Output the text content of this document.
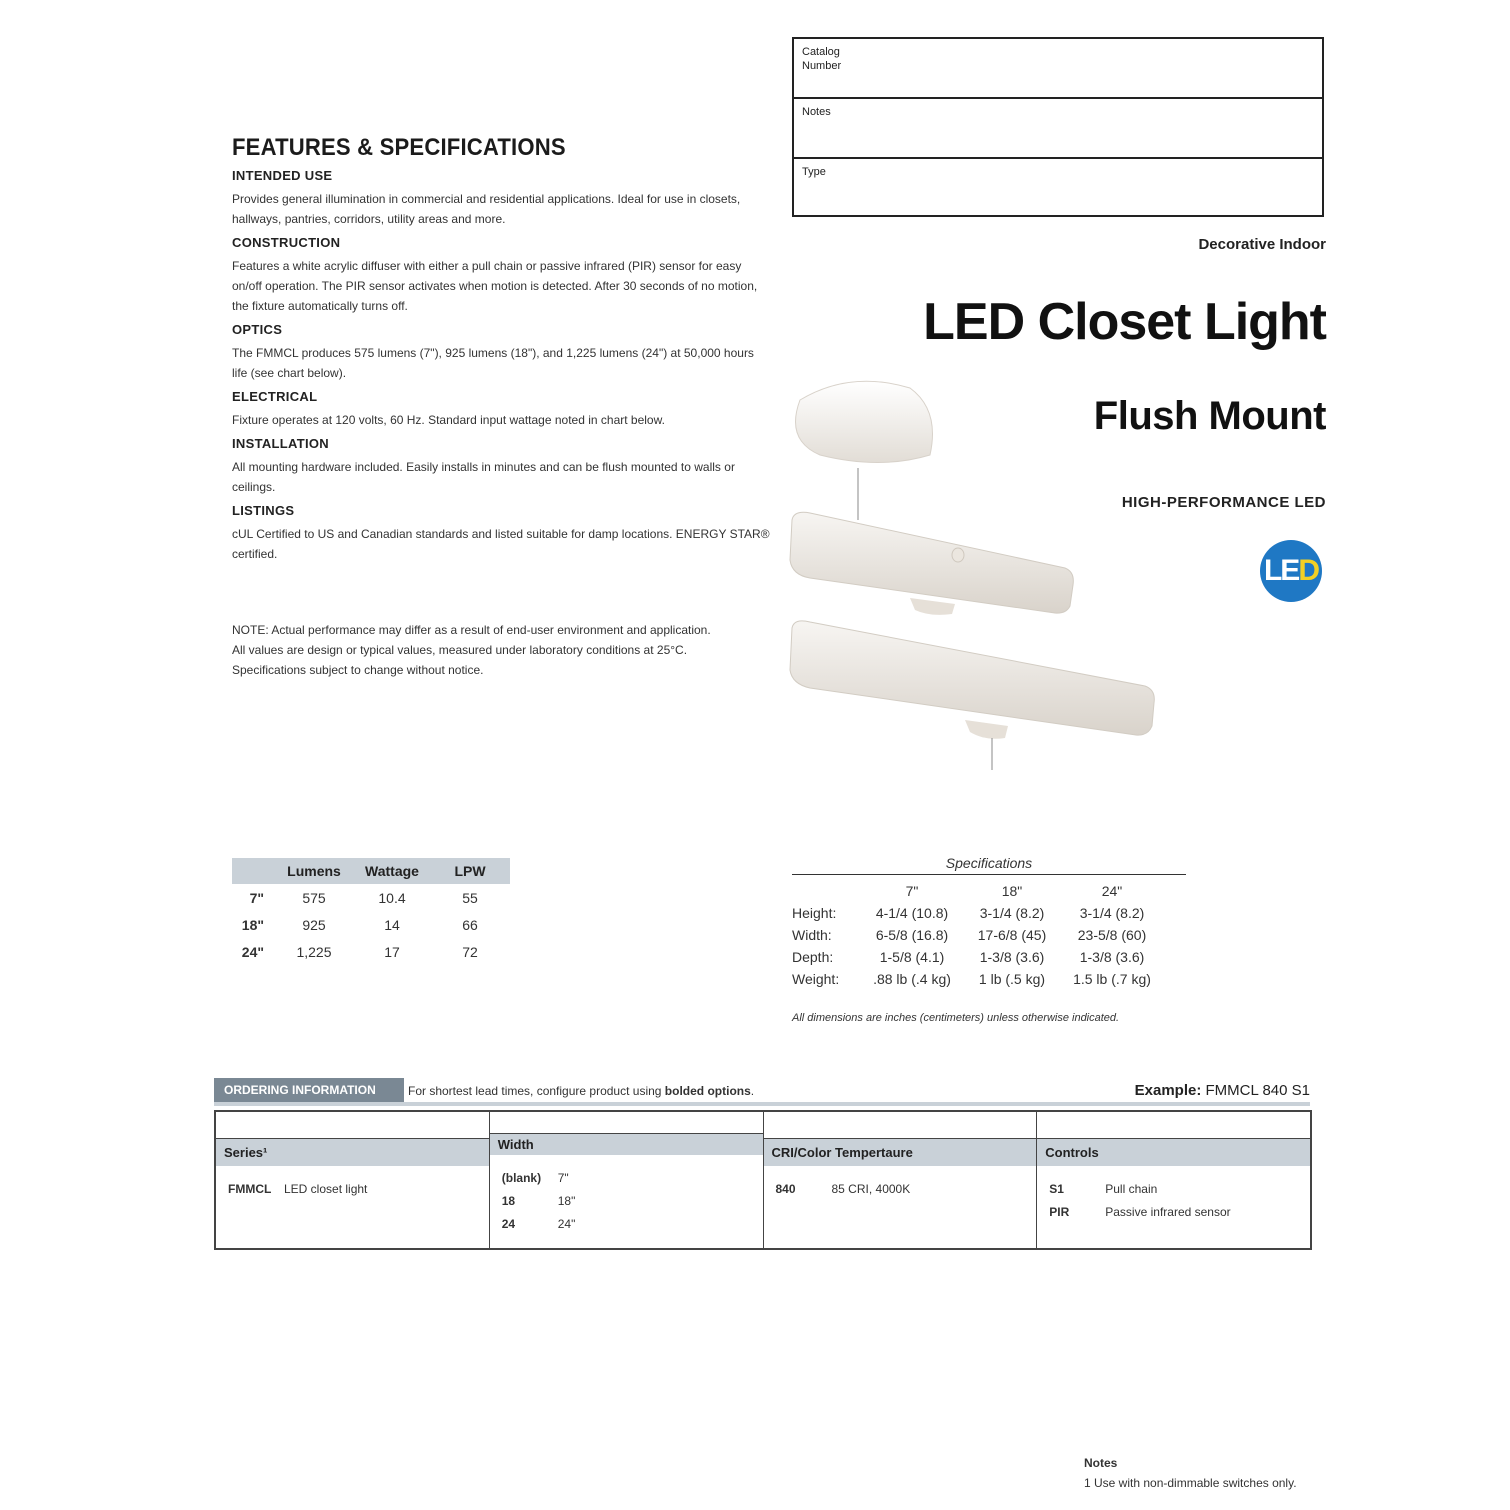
Catalog Number
Notes
Type
FEATURES & SPECIFICATIONS
INTENDED USE
Provides general illumination in commercial and residential applications. Ideal for use in closets, hallways, pantries, corridors, utility areas and more.
CONSTRUCTION
Features a white acrylic diffuser with either a pull chain or passive infrared (PIR) sensor for easy on/off operation. The PIR sensor activates when motion is detected. After 30 seconds of no motion, the fixture automatically turns off.
OPTICS
The FMMCL produces 575 lumens (7"), 925 lumens (18"), and 1,225 lumens (24") at 50,000 hours life (see chart below).
ELECTRICAL
Fixture operates at 120 volts, 60 Hz. Standard input wattage noted in chart below.
INSTALLATION
All mounting hardware included. Easily installs in minutes and can be flush mounted to walls or ceilings.
LISTINGS
cUL Certified to US and Canadian standards and listed suitable for damp locations. ENERGY STAR® certified.
NOTE: Actual performance may differ as a result of end-user environment and application.
All values are design or typical values, measured under laboratory conditions at 25°C.
Specifications subject to change without notice.
Decorative Indoor
LED Closet Light
Flush Mount
HIGH-PERFORMANCE LED
LE D
	Lumens	Wattage	LPW
7"	575	10.4	55
18"	925	14	66
24"	1,225	17	72
Specifications
	7"	18"	24"
Height:	4-1/4 (10.8)	3-1/4 (8.2)	3-1/4 (8.2)
Width:	6-5/8 (16.8)	17-6/8 (45)	23-5/8 (60)
Depth:	1-5/8 (4.1)	1-3/8 (3.6)	1-3/8 (3.6)
Weight:	.88 lb (.4 kg)	1 lb (.5 kg)	1.5 lb (.7 kg)
All dimensions are inches (centimeters) unless otherwise indicated.
ORDERING INFORMATION	For shortest lead times, configure product using bolded options.	Example: FMMCL 840 S1
Series¹
FMMCL	LED closet light
Width
(blank)	7"
18	18"
24	24"
CRI/Color Tempertaure
840	85 CRI, 4000K
Controls
S1	Pull chain
PIR	Passive infrared sensor
Notes
1 Use with non-dimmable switches only.
